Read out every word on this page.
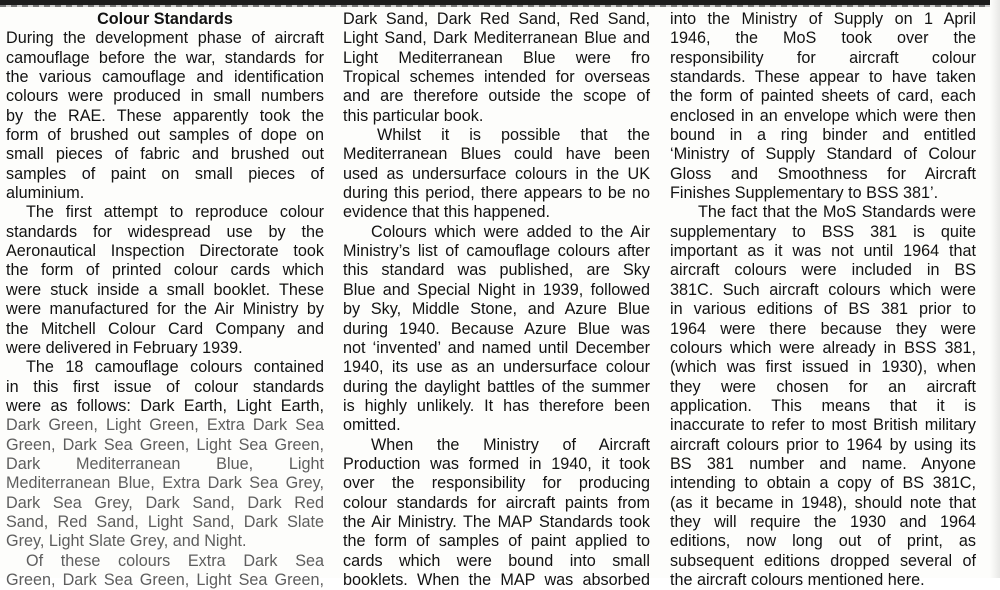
Colour Standards
During the development phase of aircraft
camouflage before the war, standards for
the various camouflage and identification
colours were produced in small numbers
by the RAE. These apparently took the
form of brushed out samples of dope on
small pieces of fabric and brushed out
samples of paint on small pieces of
aluminium.
The first attempt to reproduce colour
standards for widespread use by the
Aeronautical Inspection Directorate took
the form of printed colour cards which
were stuck inside a small booklet. These
were manufactured for the Air Ministry by
the Mitchell Colour Card Company and
were delivered in February 1939.
The 18 camouflage colours contained
in this first issue of colour standards
were as follows: Dark Earth, Light Earth,
Dark Green, Light Green, Extra Dark Sea
Green, Dark Sea Green, Light Sea Green,
Dark Mediterranean Blue, Light
Mediterranean Blue, Extra Dark Sea Grey,
Dark Sea Grey, Dark Sand, Dark Red
Sand, Red Sand, Light Sand, Dark Slate
Grey, Light Slate Grey, and Night.
Of these colours Extra Dark Sea
Green, Dark Sea Green, Light Sea Green,
Dark Sand, Dark Red Sand, Red Sand,
Light Sand, Dark Mediterranean Blue and
Light Mediterranean Blue were fro
Tropical schemes intended for overseas
and are therefore outside the scope of
this particular book.
Whilst it is possible that the
Mediterranean Blues could have been
used as undersurface colours in the UK
during this period, there appears to be no
evidence that this happened.
Colours which were added to the Air
Ministry’s list of camouflage colours after
this standard was published, are Sky
Blue and Special Night in 1939, followed
by Sky, Middle Stone, and Azure Blue
during 1940. Because Azure Blue was
not ‘invented’ and named until December
1940, its use as an undersurface colour
during the daylight battles of the summer
is highly unlikely. It has therefore been
omitted.
When the Ministry of Aircraft
Production was formed in 1940, it took
over the responsibility for producing
colour standards for aircraft paints from
the Air Ministry. The MAP Standards took
the form of samples of paint applied to
cards which were bound into small
booklets. When the MAP was absorbed
into the Ministry of Supply on 1 April
1946, the MoS took over the
responsibility for aircraft colour
standards. These appear to have taken
the form of painted sheets of card, each
enclosed in an envelope which were then
bound in a ring binder and entitled
‘Ministry of Supply Standard of Colour
Gloss and Smoothness for Aircraft
Finishes Supplementary to BSS 381’.
The fact that the MoS Standards were
supplementary to BSS 381 is quite
important as it was not until 1964 that
aircraft colours were included in BS
381C. Such aircraft colours which were
in various editions of BS 381 prior to
1964 were there because they were
colours which were already in BSS 381,
(which was first issued in 1930), when
they were chosen for an aircraft
application. This means that it is
inaccurate to refer to most British military
aircraft colours prior to 1964 by using its
BS 381 number and name. Anyone
intending to obtain a copy of BS 381C,
(as it became in 1948), should note that
they will require the 1930 and 1964
editions, now long out of print, as
subsequent editions dropped several of
the aircraft colours mentioned here.
